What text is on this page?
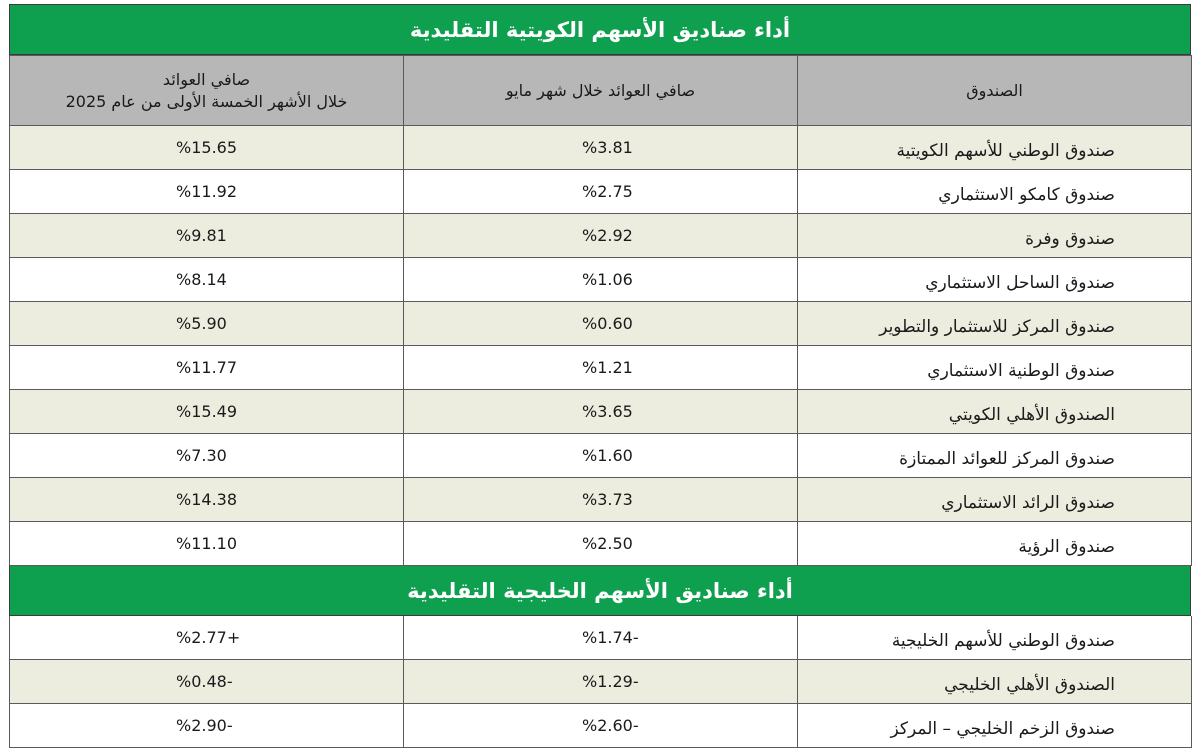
أداء صناديق الأسهم الكويتية التقليدية
الصندوق	صافي العوائد خلال شهر مايو	صافي العوائد
خلال الأشهر الخمسة الأولى من عام 2025

صندوق الوطني للأسهم الكويتية	%3.81	%15.65
صندوق كامكو الاستثماري	%2.75	%11.92
صندوق وفرة	%2.92	%9.81
صندوق الساحل الاستثماري	%1.06	%8.14
صندوق المركز للاستثمار والتطوير	%0.60	%5.90
صندوق الوطنية الاستثماري	%1.21	%11.77
الصندوق الأهلي الكويتي	%3.65	%15.49
صندوق المركز للعوائد الممتازة	%1.60	%7.30
صندوق الرائد الاستثماري	%3.73	%14.38
صندوق الرؤية	%2.50	%11.10
أداء صناديق الأسهم الخليجية التقليدية
صندوق الوطني للأسهم الخليجية	%1.74-	%2.77+
الصندوق الأهلي الخليجي	%1.29-	%0.48-
صندوق الزخم الخليجي – المركز	%2.60-	%2.90-
